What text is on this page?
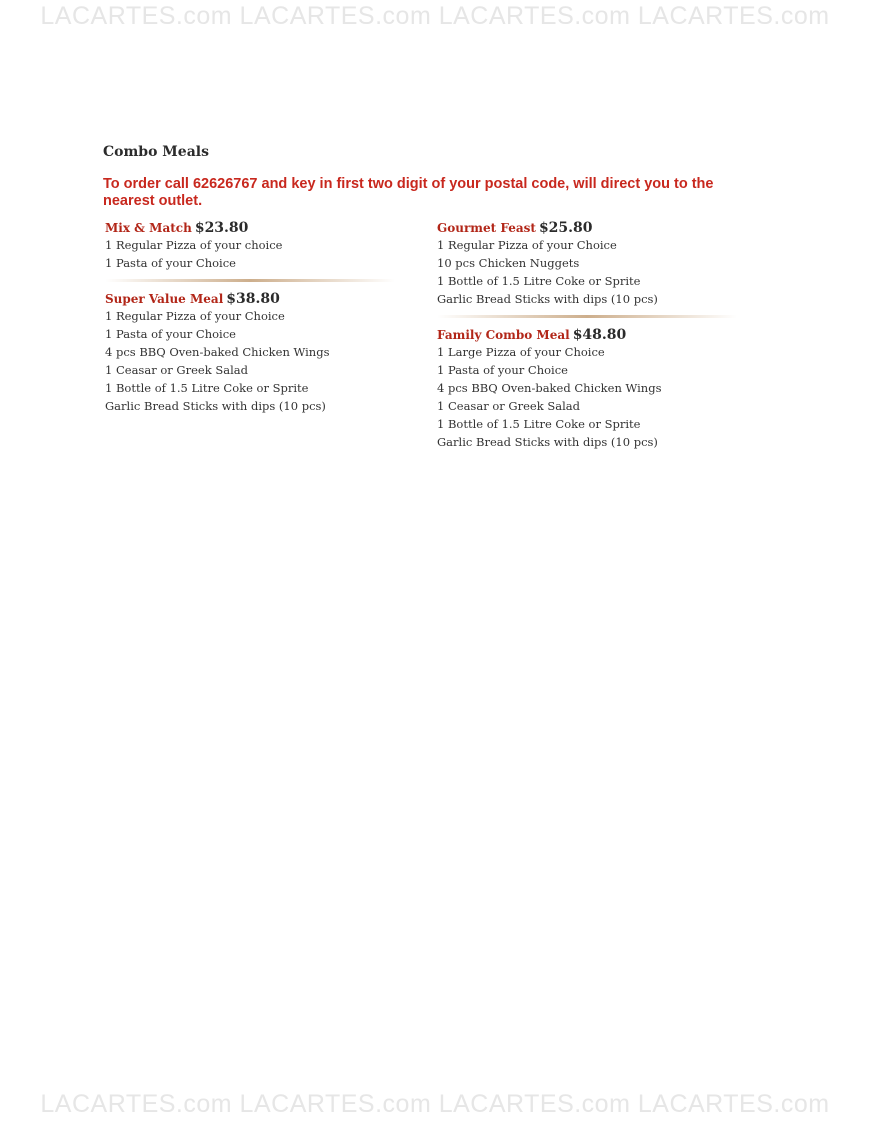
LACARTES.com LACARTES.com LACARTES.com LACARTES.com
Combo Meals
To order call 62626767 and key in first two digit of your postal code, will direct you to the nearest outlet.
Mix & Match $23.80
1 Regular Pizza of your choice
1 Pasta of your Choice
Super Value Meal $38.80
1 Regular Pizza of your Choice
1 Pasta of your Choice
4 pcs BBQ Oven-baked Chicken Wings
1 Ceasar or Greek Salad
1 Bottle of 1.5 Litre Coke or Sprite
Garlic Bread Sticks with dips (10 pcs)
Gourmet Feast $25.80
1 Regular Pizza of your Choice
10 pcs Chicken Nuggets
1 Bottle of 1.5 Litre Coke or Sprite
Garlic Bread Sticks with dips (10 pcs)
Family Combo Meal $48.80
1 Large Pizza of your Choice
1 Pasta of your Choice
4 pcs BBQ Oven-baked Chicken Wings
1 Ceasar or Greek Salad
1 Bottle of 1.5 Litre Coke or Sprite
Garlic Bread Sticks with dips (10 pcs)
LACARTES.com LACARTES.com LACARTES.com LACARTES.com
